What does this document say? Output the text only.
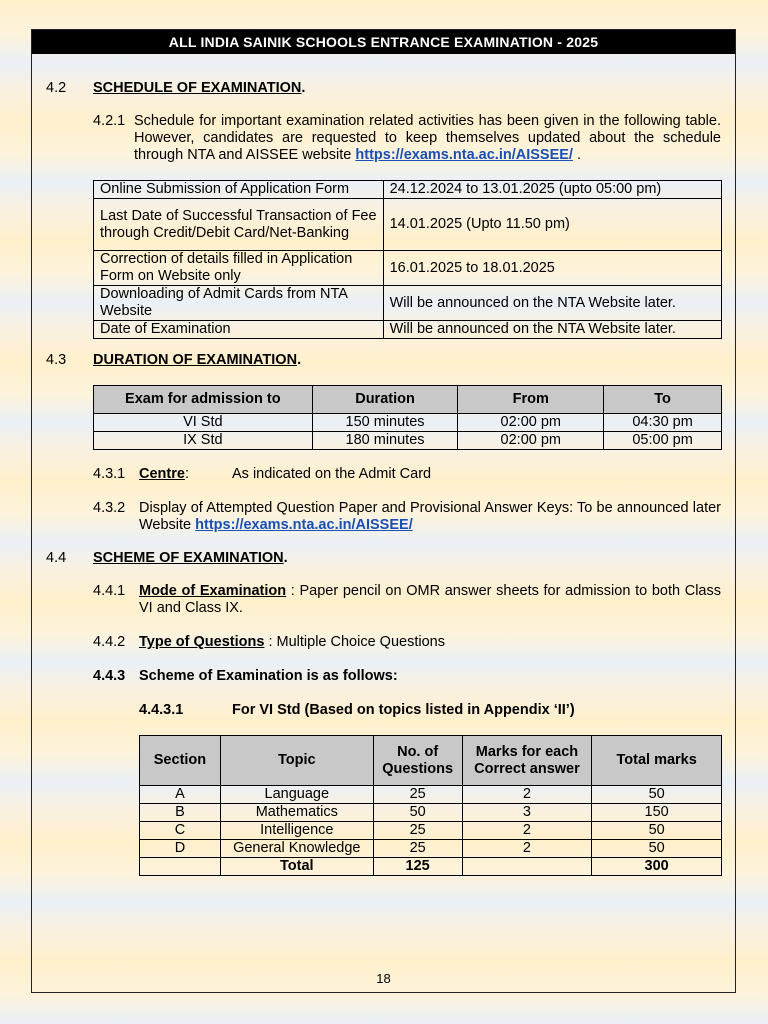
ALL INDIA SAINIK SCHOOLS ENTRANCE EXAMINATION - 2025
4.2 SCHEDULE OF EXAMINATION.
4.2.1 Schedule for important examination related activities has been given in the following table. However, candidates are requested to keep themselves updated about the schedule through NTA and AISSEE website https://exams.nta.ac.in/AISSEE/ .
Online Submission of Application Form	24.12.2024 to 13.01.2025 (upto 05:00 pm)
Last Date of Successful Transaction of Fee through Credit/Debit Card/Net-Banking	14.01.2025 (Upto 11.50 pm)
Correction of details filled in Application Form on Website only	16.01.2025 to 18.01.2025
Downloading of Admit Cards from NTA Website	Will be announced on the NTA Website later.
Date of Examination	Will be announced on the NTA Website later.
4.3 DURATION OF EXAMINATION.
Exam for admission to	Duration	From	To
VI Std	150 minutes	02:00 pm	04:30 pm
IX Std	180 minutes	02:00 pm	05:00 pm
4.3.1 Centre:	As indicated on the Admit Card
4.3.2 Display of Attempted Question Paper and Provisional Answer Keys: To be announced later Website https://exams.nta.ac.in/AISSEE/
4.4 SCHEME OF EXAMINATION.
4.4.1 Mode of Examination : Paper pencil on OMR answer sheets for admission to both Class VI and Class IX.
4.4.2 Type of Questions : Multiple Choice Questions
4.4.3 Scheme of Examination is as follows:
4.4.3.1	For VI Std (Based on topics listed in Appendix ‘II’)
Section	Topic	No. of Questions	Marks for each Correct answer	Total marks
A	Language	25	2	50
B	Mathematics	50	3	150
C	Intelligence	25	2	50
D	General Knowledge	25	2	50
	Total	125		300
18
